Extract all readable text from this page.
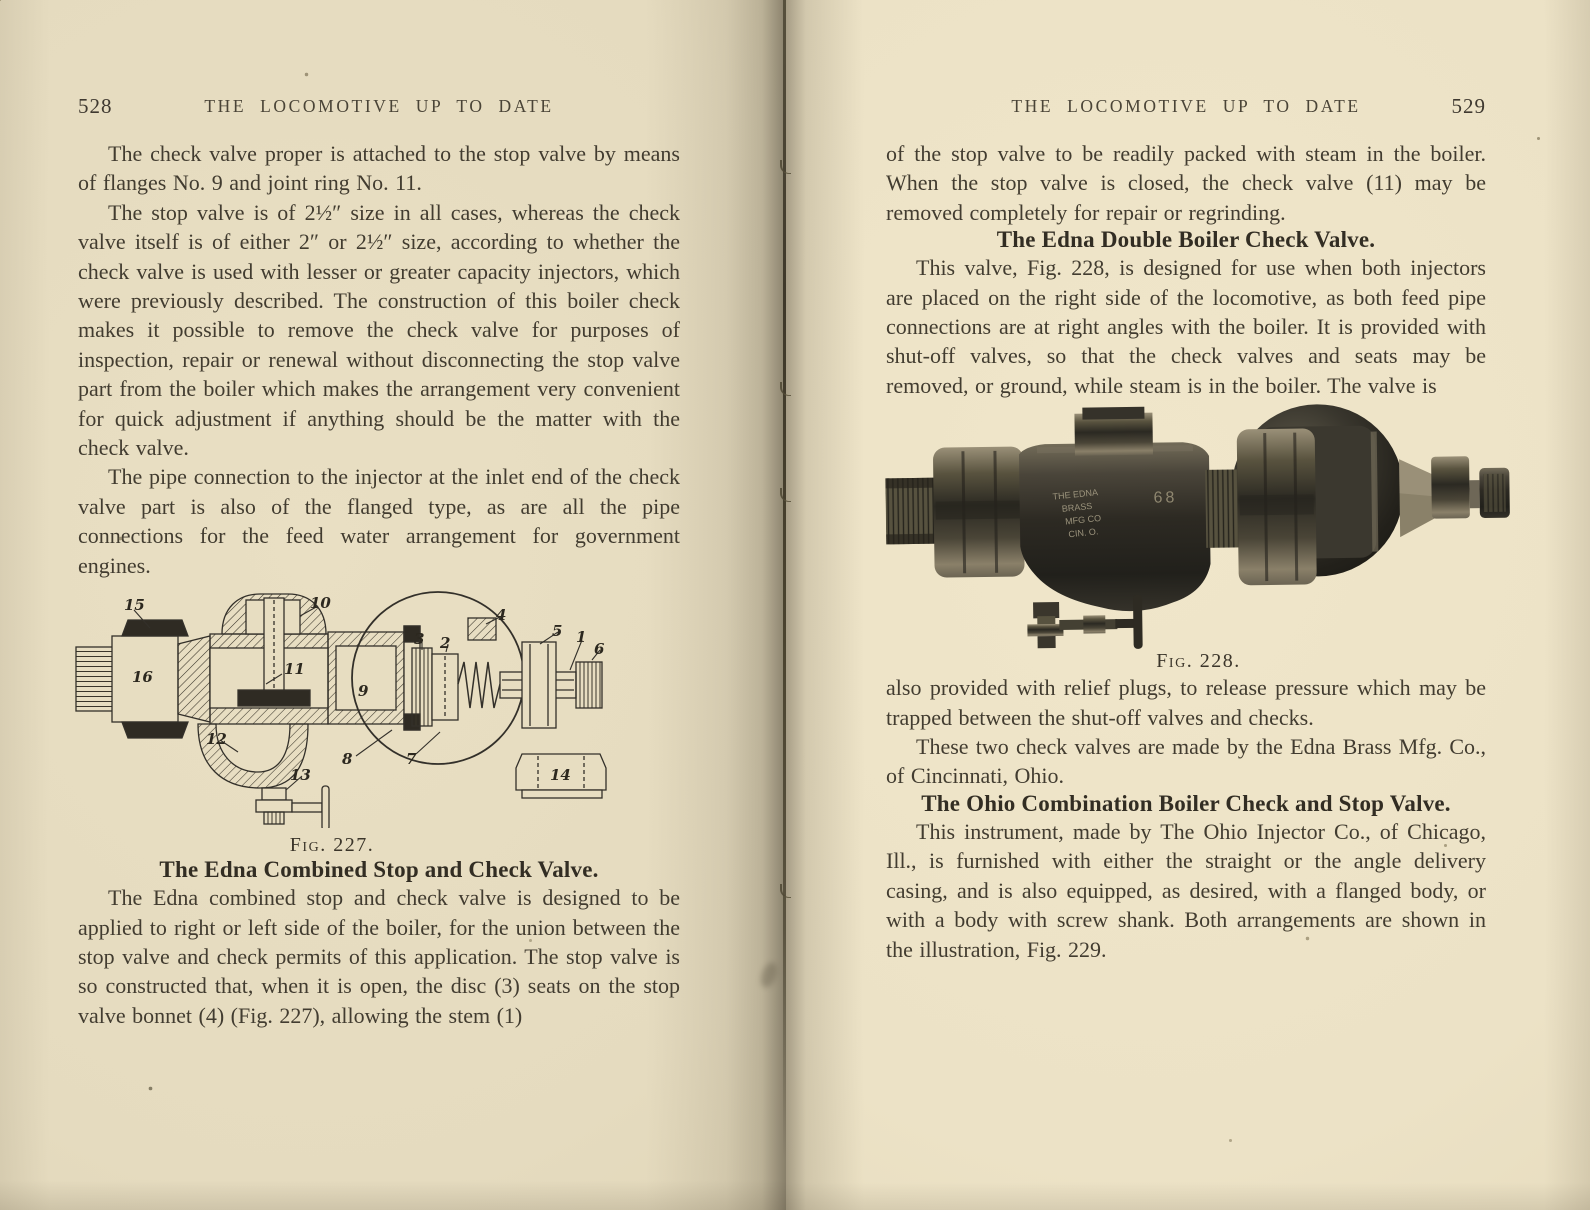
528	THE LOCOMOTIVE UP TO DATE

The check valve proper is attached to the stop valve by means of flanges No. 9 and joint ring No. 11.

The stop valve is of 2½″ size in all cases, whereas the check valve itself is of either 2″ or 2½″ size, according to whether the check valve is used with lesser or greater capacity injectors, which were previously described. The construction of this boiler check makes it possible to remove the check valve for purposes of inspection, repair or renewal without disconnecting the stop valve part from the boiler which makes the arrangement very convenient for quick adjustment if anything should be the matter with the check valve.

The pipe connection to the injector at the inlet end of the check valve part is also of the flanged type, as are all the pipe connections for the feed water arrangement for government engines.

15	10
16	11
9
12
8
13
7
3 2
4
5 1
6
14
Fig. 227.
The Edna Combined Stop and Check Valve.

The Edna combined stop and check valve is designed to be applied to right or left side of the boiler, for the union between the stop valve and check permits of this application. The stop valve is so constructed that, when it is open, the disc (3) seats on the stop valve bonnet (4) (Fig. 227), allowing the stem (1)

THE LOCOMOTIVE UP TO DATE	529

of the stop valve to be readily packed with steam in the boiler. When the stop valve is closed, the check valve (11) may be removed completely for repair or regrinding.

The Edna Double Boiler Check Valve.

This valve, Fig. 228, is designed for use when both injectors are placed on the right side of the locomotive, as both feed pipe connections are at right angles with the boiler. It is provided with shut-off valves, so that the check valves and seats may be removed, or ground, while steam is in the boiler. The valve is

THE EDNA
BRASS
MFG CO
CIN. O.
68
Fig. 228.

also provided with relief plugs, to release pressure which may be trapped between the shut-off valves and checks.

These two check valves are made by the Edna Brass Mfg. Co., of Cincinnati, Ohio.

The Ohio Combination Boiler Check and Stop Valve.

This instrument, made by The Ohio Injector Co., of Chicago, Ill., is furnished with either the straight or the angle delivery casing, and is also equipped, as desired, with a flanged body, or with a body with screw shank. Both arrangements are shown in the illustration, Fig. 229.
